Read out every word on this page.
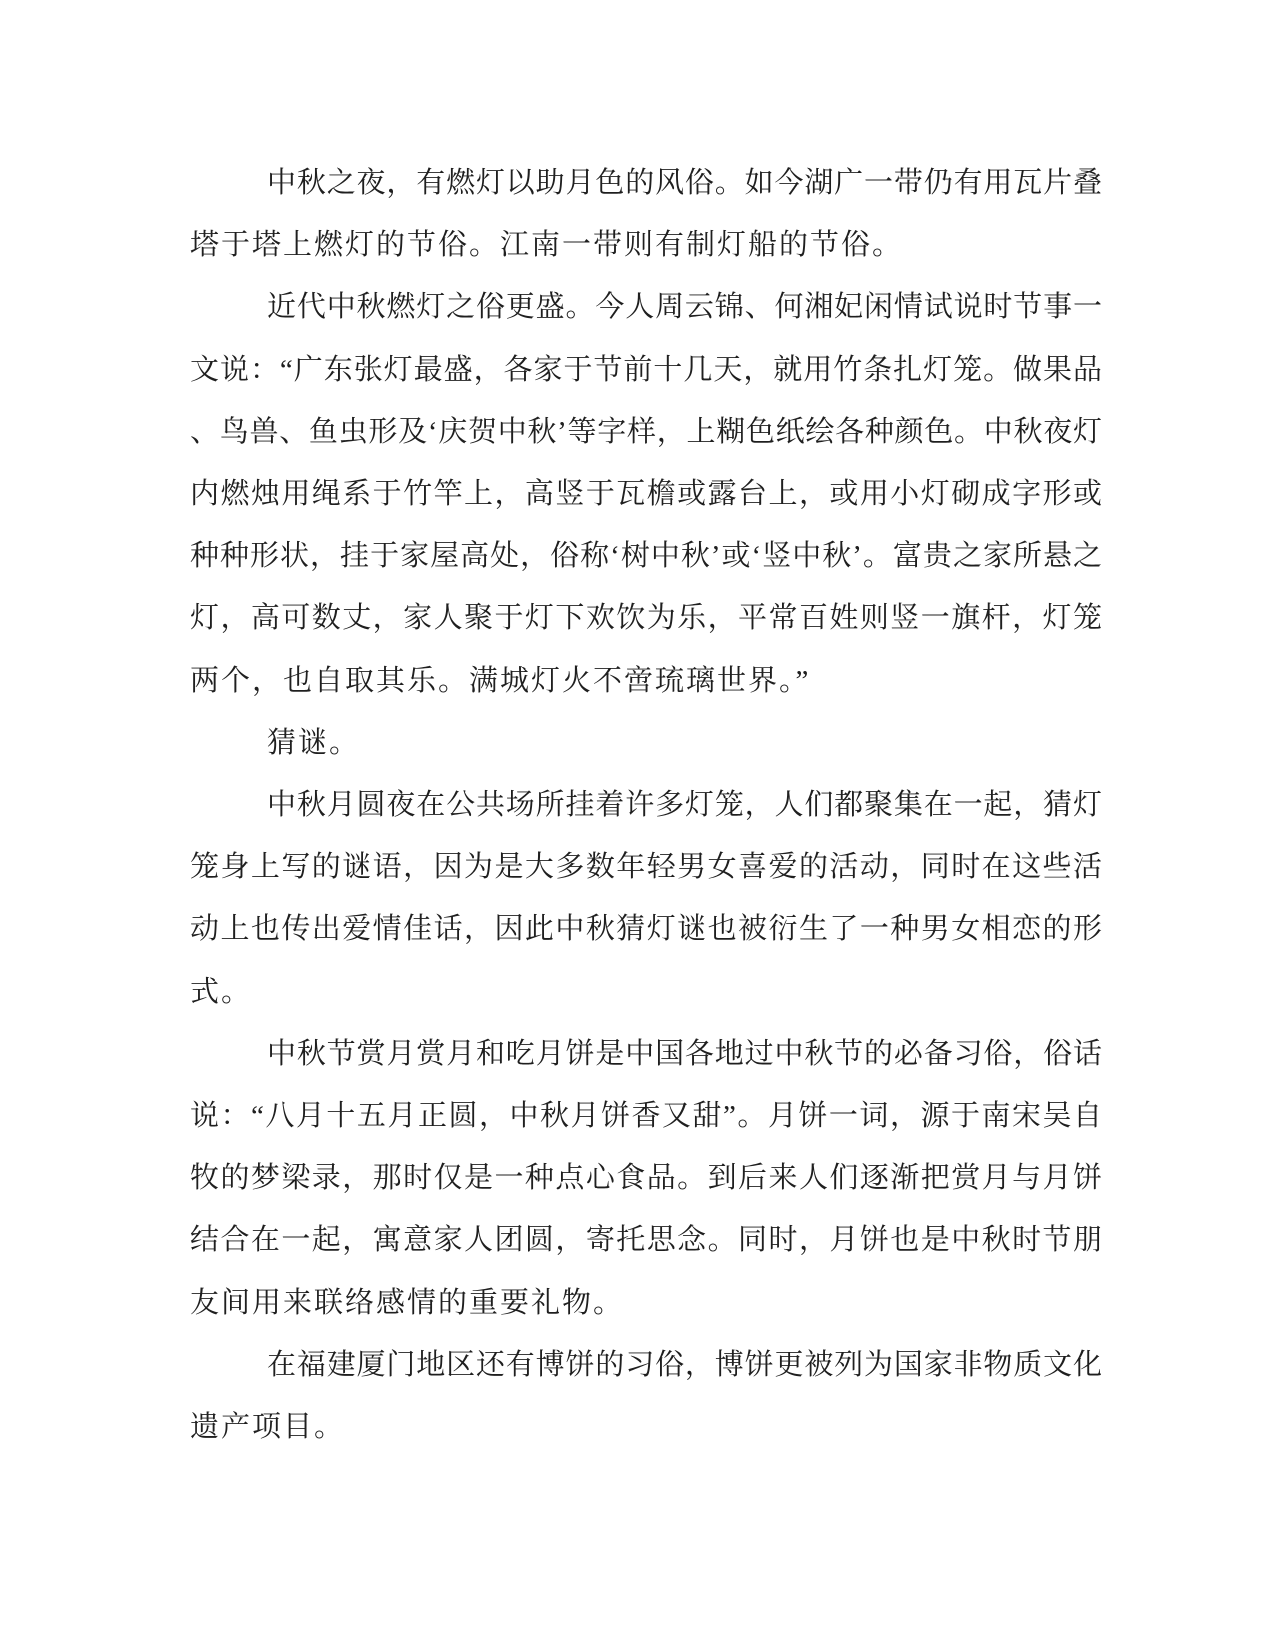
中秋之夜，有燃灯以助月色的风俗。如今湖广一带仍有用瓦片叠
塔于塔上燃灯的节俗。江南一带则有制灯船的节俗。
近代中秋燃灯之俗更盛。今人周云锦、何湘妃闲情试说时节事一
文说：“广东张灯最盛，各家于节前十几天，就用竹条扎灯笼。做果品
、鸟兽、鱼虫形及‘庆贺中秋’等字样，上糊色纸绘各种颜色。中秋夜灯
内燃烛用绳系于竹竿上，高竖于瓦檐或露台上，或用小灯砌成字形或
种种形状，挂于家屋高处，俗称‘树中秋’或‘竖中秋’。富贵之家所悬之
灯，高可数丈，家人聚于灯下欢饮为乐，平常百姓则竖一旗杆，灯笼
两个，也自取其乐。满城灯火不啻琉璃世界。”
猜谜。
中秋月圆夜在公共场所挂着许多灯笼，人们都聚集在一起，猜灯
笼身上写的谜语，因为是大多数年轻男女喜爱的活动，同时在这些活
动上也传出爱情佳话，因此中秋猜灯谜也被衍生了一种男女相恋的形
式。
中秋节赏月赏月和吃月饼是中国各地过中秋节的必备习俗，俗话
说：“八月十五月正圆，中秋月饼香又甜”。月饼一词，源于南宋吴自
牧的梦梁录，那时仅是一种点心食品。到后来人们逐渐把赏月与月饼
结合在一起，寓意家人团圆，寄托思念。同时，月饼也是中秋时节朋
友间用来联络感情的重要礼物。
在福建厦门地区还有博饼的习俗，博饼更被列为国家非物质文化
遗产项目。
